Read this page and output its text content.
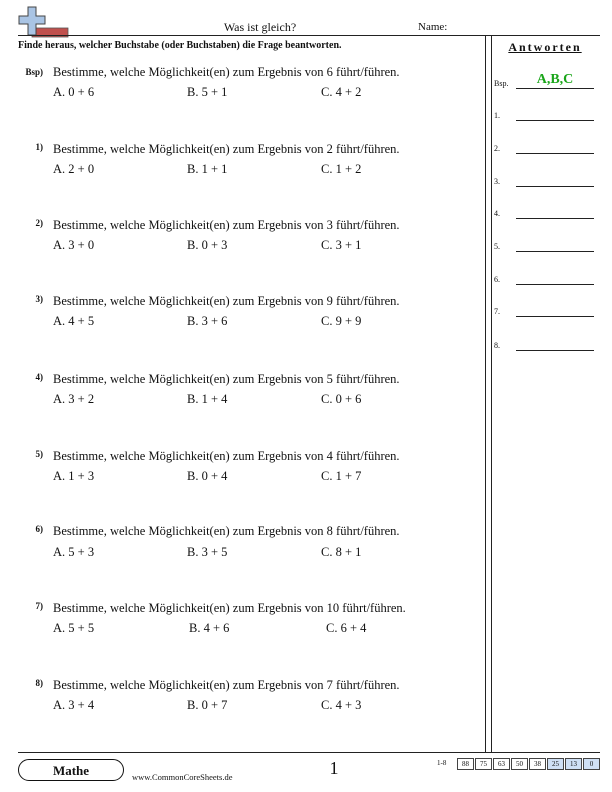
Was ist gleich?	Name:
Finde heraus, welcher Buchstabe (oder Buchstaben) die Frage beantworten.	Antworten
Bsp.	A,B,C
1.
2.
3.
4.
5.
6.
7.
8.
Bsp) Bestimme, welche Möglichkeit(en) zum Ergebnis von 6 führt/führen.
A. 0 + 6	B. 5 + 1	C. 4 + 2
1) Bestimme, welche Möglichkeit(en) zum Ergebnis von 2 führt/führen.
A. 2 + 0	B. 1 + 1	C. 1 + 2
2) Bestimme, welche Möglichkeit(en) zum Ergebnis von 3 führt/führen.
A. 3 + 0	B. 0 + 3	C. 3 + 1
3) Bestimme, welche Möglichkeit(en) zum Ergebnis von 9 führt/führen.
A. 4 + 5	B. 3 + 6	C. 9 + 9
4) Bestimme, welche Möglichkeit(en) zum Ergebnis von 5 führt/führen.
A. 3 + 2	B. 1 + 4	C. 0 + 6
5) Bestimme, welche Möglichkeit(en) zum Ergebnis von 4 führt/führen.
A. 1 + 3	B. 0 + 4	C. 1 + 7
6) Bestimme, welche Möglichkeit(en) zum Ergebnis von 8 führt/führen.
A. 5 + 3	B. 3 + 5	C. 8 + 1
7) Bestimme, welche Möglichkeit(en) zum Ergebnis von 10 führt/führen.
A. 5 + 5	B. 4 + 6	C. 6 + 4
8) Bestimme, welche Möglichkeit(en) zum Ergebnis von 7 führt/führen.
A. 3 + 4	B. 0 + 7	C. 4 + 3
Mathe	www.CommonCoreSheets.de	1	1-8	88	75	63	50	38	25	13	0
